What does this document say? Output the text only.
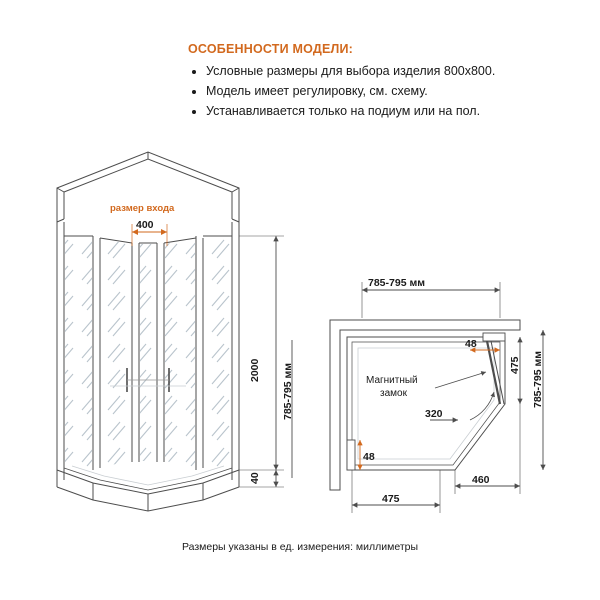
ОСОБЕННОСТИ МОДЕЛИ:
• Условные размеры для выбора изделия 800х800.
• Модель имеет регулировку, см. схему.
• Устанавливается только на подиум или на пол.
размер входа
400
2000
40
785-795 мм
785-795 мм
785-795 мм
48
475
Магнитный
замок
320
48
460
475
Размеры указаны в ед. измерения: миллиметры
